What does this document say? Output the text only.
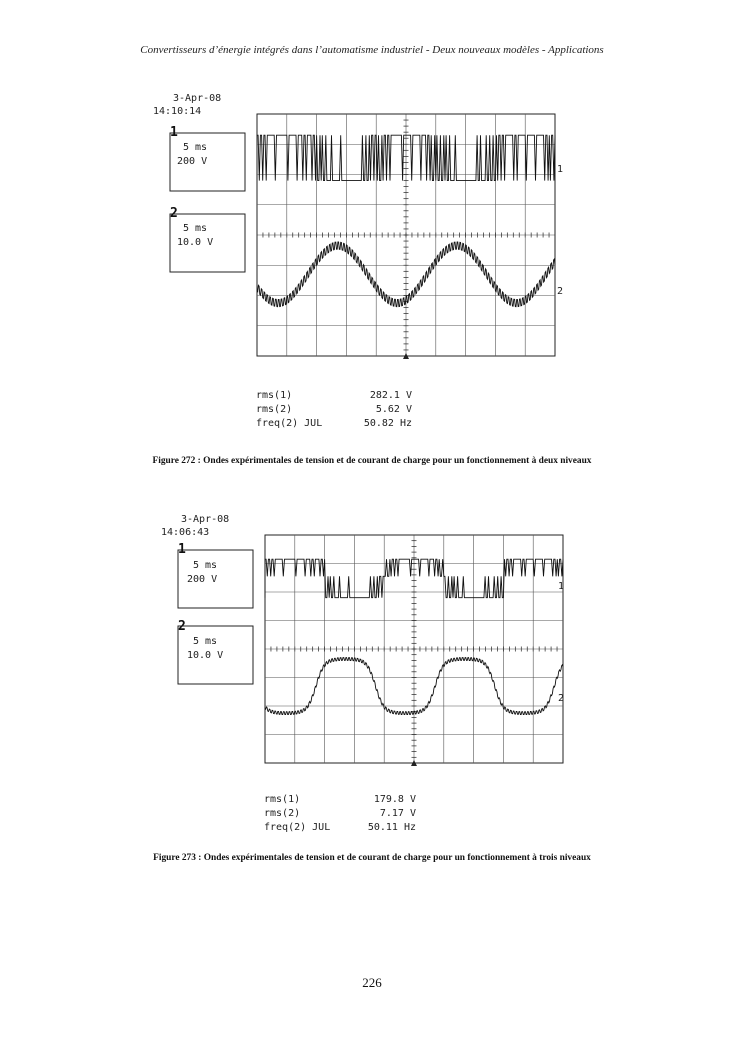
Convertisseurs d’énergie intégrés dans l’automatisme industriel - Deux nouveaux modèles - Applications
3-Apr-08
14:10:14
1
5 ms
200 V
2
5 ms
10.0 V
1
2
rms(1)	282.1 V
rms(2)	5.62 V
freq(2) JUL	50.82 Hz
Figure 272 : Ondes expérimentales de tension et de courant de charge pour un fonctionnement à deux niveaux
3-Apr-08
14:06:43
1
5 ms
200 V
2
5 ms
10.0 V
1
2
rms(1)	179.8 V
rms(2)	7.17 V
freq(2) JUL	50.11 Hz
Figure 273 : Ondes expérimentales de tension et de courant de charge pour un fonctionnement à trois niveaux
226
